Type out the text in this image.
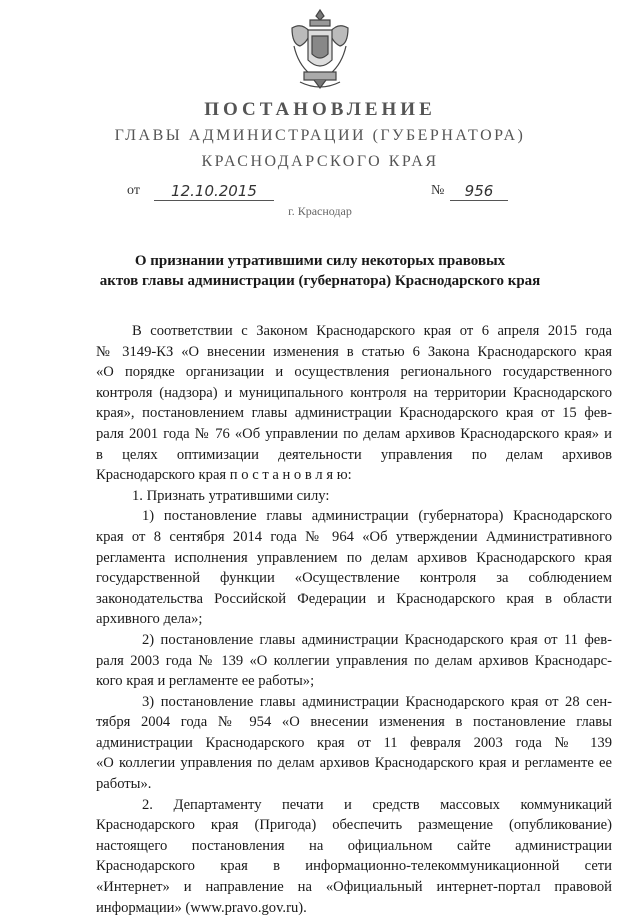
ПОСТАНОВЛЕНИЕ
ГЛАВЫ АДМИНИСТРАЦИИ (ГУБЕРНАТОРА)
КРАСНОДАРСКОГО КРАЯ
от	12.10.2015	№	956
г. Краснодар
О признании утратившими силу некоторых правовых
актов главы администрации (губернатора) Краснодарского края
В соответствии с Законом Краснодарского края от 6 апреля 2015 года
№ 3149-КЗ «О внесении изменения в статью 6 Закона Краснодарского края
«О порядке организации и осуществления регионального государственного
контроля (надзора) и муниципального контроля на территории Краснодарского
края», постановлением главы администрации Краснодарского края от 15 фев-
раля 2001 года № 76 «Об управлении по делам архивов Краснодарского края» и
в целях оптимизации деятельности управления по делам архивов
Краснодарского края п о с т а н о в л я ю:
1. Признать утратившими силу:
1) постановление главы администрации (губернатора) Краснодарского
края от 8 сентября 2014 года № 964 «Об утверждении Административного
регламента исполнения управлением по делам архивов Краснодарского края
государственной функции «Осуществление контроля за соблюдением
законодательства Российской Федерации и Краснодарского края в области
архивного дела»;
2) постановление главы администрации Краснодарского края от 11 фев-
раля 2003 года № 139 «О коллегии управления по делам архивов Краснодарс-
кого края и регламенте ее работы»;
3) постановление главы администрации Краснодарского края от 28 сен-
тября 2004 года № 954 «О внесении изменения в постановление главы
администрации Краснодарского края от 11 февраля 2003 года № 139
«О коллегии управления по делам архивов Краснодарского края и регламенте ее
работы».
2. Департаменту печати и средств массовых коммуникаций
Краснодарского края (Пригода) обеспечить размещение (опубликование)
настоящего постановления на официальном сайте администрации
Краснодарского края в информационно-телекоммуникационной сети
«Интернет» и направление на «Официальный интернет-портал правовой
информации» (www.pravo.gov.ru).
